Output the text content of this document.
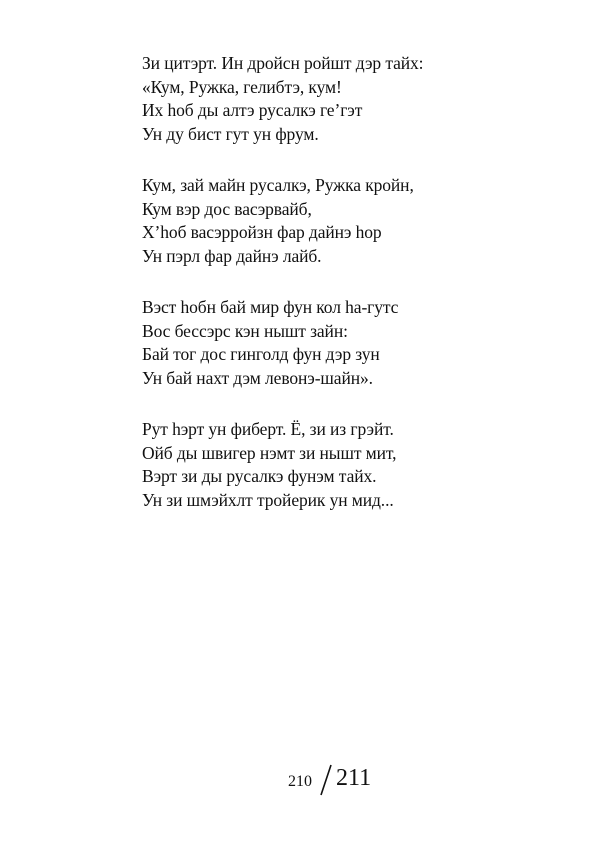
Зи цитэрт. Ин дройсн ройшт дэр тайх:
«Кум, Ружка, гелибтэ, кум!
Их hоб ды алтэ русалкэ ге’гэт
Ун ду бист гут ун фрум.
Кум, зай майн русалкэ, Ружка кройн,
Кум вэр дос васэрвайб,
Х’hоб васэрройзн фар дайнэ hор
Ун пэрл фар дайнэ лайб.
Вэст hобн бай мир фун кол hа-гутс
Вос бессэрс кэн нышт зайн:
Бай тог дос гинголд фун дэр зун
Ун бай нахт дэм левонэ-шайн».
Рут hэрт ун фиберт. Ё, зи из грэйт.
Ойб ды швигер нэмт зи нышт мит,
Вэрт зи ды русалкэ фунэм тайх.
Ун зи шмэйхлт тройерик ун мид...
210 211
